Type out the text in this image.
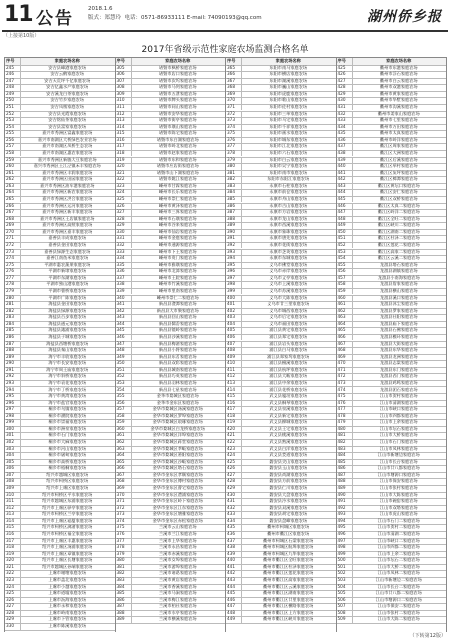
11 公告	2018.1.6
版式：郑慧玲 电话：0571-86933111 E-mail: 74090193@qq.com	湖州侨乡报
（上接第10版）
2017年省级示范性家庭农场监测合格名单
序号	家庭农场名称
245	安吉县峰港家庭农场
246	安吉云鹤家庭农场
247	安吉天荒坪千亿家庭农场
248	安吉亿鑫水产家庭农场
249	安吉溪龙白茶家庭农场
250	安吉竹乡家庭农场
251	安吉凤凰家庭农场
252	安吉县光霞家庭农场
253	安吉铭仙茶家庭农场
254	安吉县富家家庭农场
255	嘉兴市秀洲区富鑫家庭农场
256	嘉兴市南湖区大桥绿色农业农场
257	嘉兴市南湖区凤桥生态农场
258	嘉兴市南湖区惠农家庭农场
259	嘉兴市秀洲区新塍大豆家庭农场
260	嘉兴市秀洲区王江泾镇禾丰家庭农场
261	嘉兴市秀洲区丰润家庭农场
262	嘉兴市秀洲区田园家庭农场
263	嘉兴市秀洲区油车港家庭农场
264	嘉兴市秀洲区新农家庭农场
265	嘉兴市秀洲区洪合家庭农场
266	嘉兴市秀洲区运河家庭农场
267	嘉兴市秀洲区新丰家庭农场
268	嘉兴市秀洲区王店镇家庭农场
269	嘉兴市秀洲区高照家庭农场
270	嘉兴市秀洲区嘉丰家庭农场
271	嘉善县丰成家庭农场
272	嘉善县金田家庭农场
273	嘉善县绿源生态家庭农场
274	嘉善江南鱼米家庭农场
275	平湖市惠农蔬果家庭农场
276	平湖市新埭家庭农场
277	平湖市东湖家庭农场
278	平湖市独山港家庭农场
279	平湖市曹桥家庭农场
280	平湖市广陈家庭农场
281	海盐县金田家庭农场
282	海盐县绿源家庭农场
283	海盐县百步家庭农场
284	海盐县通元家庭农场
285	海盐县澉浦家庭农场
286	海盐县于城家庭农场
287	海盐县西塘桥家庭农场
288	海盐县秦山家庭农场
289	海宁市丰收家庭农场
290	海宁市长安家庭农场
291	海宁市周王庙家庭农场
292	海宁市斜桥家庭农场
293	海宁市袁花家庭农场
294	海宁市丁桥家庭农场
295	海宁市黄湾家庭农场
296	海宁市盐官家庭农场
297	桐乡市乌镇家庭农场
298	桐乡市濮院家庭农场
299	桐乡市崇福家庭农场
300	桐乡市洲泉家庭农场
301	桐乡市石门家庭农场
302	桐乡市大麻家庭农场
303	桐乡市河山家庭农场
304	桐乡市屠甸家庭农场
305	桐乡市高桥家庭农场
306	桐乡市梧桐家庭农场
307	绍兴市越城区家庭农场
308	绍兴市柯桥区家庭农场
309	绍兴市上虞区家庭农场
310	绍兴市柯桥区平水家庭农场
311	绍兴市越城区东浦家庭农场
312	绍兴市上虞区驿亭家庭农场
313	绍兴市柯桥区兰亭家庭农场
314	绍兴市上虞区崧厦家庭农场
315	绍兴市柯桥区漓渚家庭农场
316	绍兴市柯桥区福全家庭农场
317	绍兴市上虞区丰惠家庭农场
318	绍兴市上虞区汤浦家庭农场
319	绍兴市上虞区章镇家庭农场
320	绍兴市上虞区长塘家庭农场
321	绍兴市越城区孙端家庭农场
322	上虞市谢塘家庭农场
323	上虞市盖北家庭农场
324	上虞市小越家庭农场
325	上虞市道墟家庭农场
326	上虞市沥海家庭农场
327	上虞市永和家庭农场
328	上虞市岭南家庭农场
329	上虞市下管家庭农场
330	上虞市陈溪家庭农场
序号	家庭农场名称
305	诸暨市枫桥家庭农场
306	诸暨市店口家庭农场
307	诸暨市次坞家庭农场
308	诸暨市马剑家庭农场
309	诸暨市五泄家庭农场
310	诸暨市牌头家庭农场
311	诸暨市同山家庭农场
312	诸暨市安华家庭农场
313	诸暨市街亭家庭农场
314	诸暨市璜山家庭农场
315	诸暨市陈宅家庭农场
316	诸暨市东白湖家庭农场
317	诸暨市岭北家庭农场
318	诸暨市赵家家庭农场
319	诸暨市东和家庭农场
320	诸暨市应店街家庭农场
321	诸暨市山下湖家庭农场
322	诸暨市姚江家庭农场
323	嵊州市甘霖家庭农场
324	嵊州市长乐家庭农场
325	嵊州市崇仁家庭农场
326	嵊州市黄泽家庭农场
327	嵊州市三界家庭农场
328	嵊州市石璜家庭农场
329	嵊州市谷来家庭农场
330	嵊州市仙岩家庭农场
331	嵊州市金庭家庭农场
332	嵊州市通源家庭农场
333	嵊州市下王家庭农场
334	嵊州市贵门家庭农场
335	嵊州市雅璜家庭农场
336	嵊州市北漳家庭农场
337	嵊州市王院家庭农场
338	嵊州市竹溪家庭农场
339	嵊州市里南家庭农场
340	嵊州市崇仁二家庭农场
341	新昌县澄潭家庭农场
342	新昌县大市聚家庭农场
343	新昌县回山家庭农场
344	新昌县儒岙家庭农场
345	新昌县镜岭家庭农场
346	新昌县沙溪家庭农场
347	新昌县梅渚家庭农场
348	新昌县小将家庭农场
349	新昌县东茗家庭农场
350	新昌县双彩家庭农场
351	新昌县城南家庭农场
352	新昌县巧英家庭农场
353	新昌县羽林家庭农场
354	新昌县七星家庭农场
355	金华市婺城区家庭农场
356	金华市金东区家庭农场
357	金华市婺城区汤溪家庭农场
358	金华市婺城区罗埠家庭农场
359	金华市婺城区琅琊家庭农场
360	金华市婺城区白龙桥家庭农场
361	金华市婺城区洋埠家庭农场
362	金华市婺城区蒋堂家庭农场
363	金华市婺城区莘畈家庭农场
364	金华市婺城区箬阳家庭农场
365	金华市婺城区沙畈家庭农场
366	金华市婺城区塔石家庭农场
367	金华市金东区孝顺家庭农场
368	金华市金东区傅村家庭农场
369	金华市金东区曹宅家庭农场
370	金华市金东区澧浦家庭农场
371	金华市金东区岭下家庭农场
372	金华市金东区江东家庭农场
373	金华市金东区塘雅家庭农场
374	金华市金东区赤松家庭农场
375	兰溪市云山家庭农场
376	兰溪市兰江家庭农场
377	兰溪市上华家庭农场
378	兰溪市永昌家庭农场
379	兰溪市赤溪家庭农场
380	兰溪市女埠家庭农场
381	兰溪市游埠家庭农场
382	兰溪市诸葛家庭农场
383	兰溪市黄店家庭农场
384	兰溪市香溪家庭农场
385	兰溪市马涧家庭农场
386	兰溪市梅江家庭农场
387	兰溪市柏社家庭农场
388	兰溪市水亭家庭农场
389	兰溪市横溪家庭农场
序号	家庭农场名称
365	东阳市南马家庭农场
366	东阳市横店家庭农场
367	东阳市湖溪家庭农场
368	东阳市巍山家庭农场
369	东阳市虎鹿家庭农场
370	东阳市歌山家庭农场
371	东阳市佐村家庭农场
372	东阳市三单家庭农场
373	东阳市马宅家庭农场
374	东阳市千祥家庭农场
375	东阳市画水家庭农场
376	东阳市城东家庭农场
377	东阳市江北家庭农场
378	东阳市六石家庭农场
379	东阳市白云家庭农场
380	东阳市吴宁家庭农场
381	东阳市南市家庭农场
382	东阳市东阳江家庭农场
383	永康市石柱家庭农场
384	永康市前仓家庭农场
385	永康市舟山家庭农场
386	永康市古山家庭农场
387	永康市方岩家庭农场
388	永康市龙山家庭农场
389	永康市西溪家庭农场
390	永康市象珠家庭农场
391	永康市唐先家庭农场
392	永康市花街家庭农场
393	永康市芝英家庭农场
394	永康市东城家庭农场
395	义乌市佛堂家庭农场
396	义乌市赤岸家庭农场
397	义乌市义亭家庭农场
398	义乌市上溪家庭农场
399	义乌市苏溪家庭农场
400	义乌市大陈家庭农场
401	义乌市廿三里家庭农场
402	义乌市城西家庭农场
403	义乌市后宅家庭农场
404	义乌市福田家庭农场
405	浦江县黄宅家庭农场
406	浦江县郑宅家庭农场
407	浦江县岩头家庭农场
408	浦江县白马家庭农场
409	浦江县郑家坞家庭农场
410	浦江县檀溪家庭农场
411	浦江县杭坪家庭农场
412	浦江县大畈家庭农场
413	浦江县中余家庭农场
414	浦江县花桥家庭农场
415	武义县履坦家庭农场
416	武义县桐琴家庭农场
417	武义县泉溪家庭农场
418	武义县新宅家庭农场
419	武义县柳城家庭农场
420	武义县王宅家庭农场
421	武义县桃溪家庭农场
422	武义县熟溪家庭农场
423	武义县白洋家庭农场
424	武义县茭道家庭农场
425	磐安县尖山家庭农场
426	磐安县玉山家庭农场
427	磐安县尚湖家庭农场
428	磐安县方前家庭农场
429	磐安县仁川家庭农场
430	磐安县大盘家庭农场
431	磐安县冷水家庭农场
432	磐安县双溪家庭农场
433	磐安县胡宅家庭农场
434	磐安县盘峰家庭农场
435	衢州市柯城区家庭农场
436	衢州市衢江区家庭农场
437	衢州市柯城区石梁家庭农场
438	衢州市柯城区航埠家庭农场
439	衢州市柯城区九华家庭农场
440	衢州市衢江区全旺家庭农场
441	衢州市衢江区杜泽家庭农场
442	衢州市衢江区莲花家庭农场
443	衢州市衢江区高家家庭农场
444	衢州市衢江区云溪家庭农场
445	衢州市衢江区湖南家庭农场
446	衢州市衢江区廿里家庭农场
447	衢州市衢江区横路家庭农场
448	衢州市衢江区上方家庭农场
449	衢州市衢江区峡川家庭农场
序号	家庭农场名称
425	衢州市东港家庭农场
426	衢州市浮石家庭农场
427	衢州市白云家庭农场
428	衢州市双港家庭农场
429	衢州市黄家家庭农场
430	衢州市华墅家庭农场
431	衢州市沟溪家庭农场
432	衢州市姜家山家庭农场
433	衢州市七里家庭农场
434	衢州市万田家庭农场
435	衢州市太真家庭农场
436	衢州市岭洋家庭农场
437	衢江区周家家庭农场
438	衢江区大洲家庭农场
439	衢江区后溪家庭农场
440	衢江区举村家庭农场
441	衢江区灰坪家庭农场
442	衢江区樟潭家庭农场
443	衢江区黄坛口家庭农场
444	衢江区安仁家庭农场
445	衢江区双桥家庭农场
446	衢江区太真二家庭农场
447	衢江区岭洋二家庭农场
448	衢江区全旺二家庭农场
449	衢江区峡川二家庭农场
450	衢江区湖南二家庭农场
451	衢江区杜泽二家庭农场
452	衢江区莲花二家庭农场
453	衢江区高家二家庭农场
454	衢江区云溪二家庭农场
455	龙游县塔石家庭农场
456	龙游县湖镇家庭农场
457	龙游县小南海家庭农场
458	龙游县詹家家庭农场
459	龙游县横山家庭农场
460	龙游县溪口家庭农场
461	龙游县沐尘家庭农场
462	龙游县罗家家庭农场
463	龙游县社阳家庭农场
464	龙游县庙下家庭农场
465	龙游县石佛家庭农场
466	龙游县模环家庭农场
467	龙游县大街家庭农场
468	龙游县东华家庭农场
469	龙游县龙洲家庭农场
470	龙游县志棠家庭农场
471	龙游县东门家庭农场
472	龙游县西门家庭农场
473	龙游县鸡鸣家庭农场
474	龙游县团石家庭农场
475	江山市贺村家庭农场
476	江山市清湖家庭农场
477	江山市峡口家庭农场
478	江山市四都家庭农场
479	江山市上余家庭农场
480	江山市坛石家庭农场
481	江山市大桥家庭农场
482	江山市石门家庭农场
483	江山市凤林家庭农场
484	江山市新塘边家庭农场
485	江山市长台家庭农场
486	江山市廿八都家庭农场
487	江山市塘源口家庭农场
488	江山市保安家庭农场
489	江山市张村家庭农场
490	江山市大陈家庭农场
491	江山市碗窑家庭农场
492	江山市双塔家庭农场
493	江山市虎山家庭农场
494	江山市石门二家庭农场
495	江山市贺村二家庭农场
496	江山市清湖二家庭农场
497	江山市峡口二家庭农场
498	江山市四都二家庭农场
499	江山市上余二家庭农场
500	江山市坛石二家庭农场
501	江山市大桥二家庭农场
502	江山市凤林二家庭农场
503	江山市新塘边二家庭农场
504	江山市长台二家庭农场
505	江山市廿八都二家庭农场
506	江山市塘源口二家庭农场
507	江山市保安二家庭农场
508	江山市张村二家庭农场
509	江山市大陈二家庭农场
（下转第12版）
